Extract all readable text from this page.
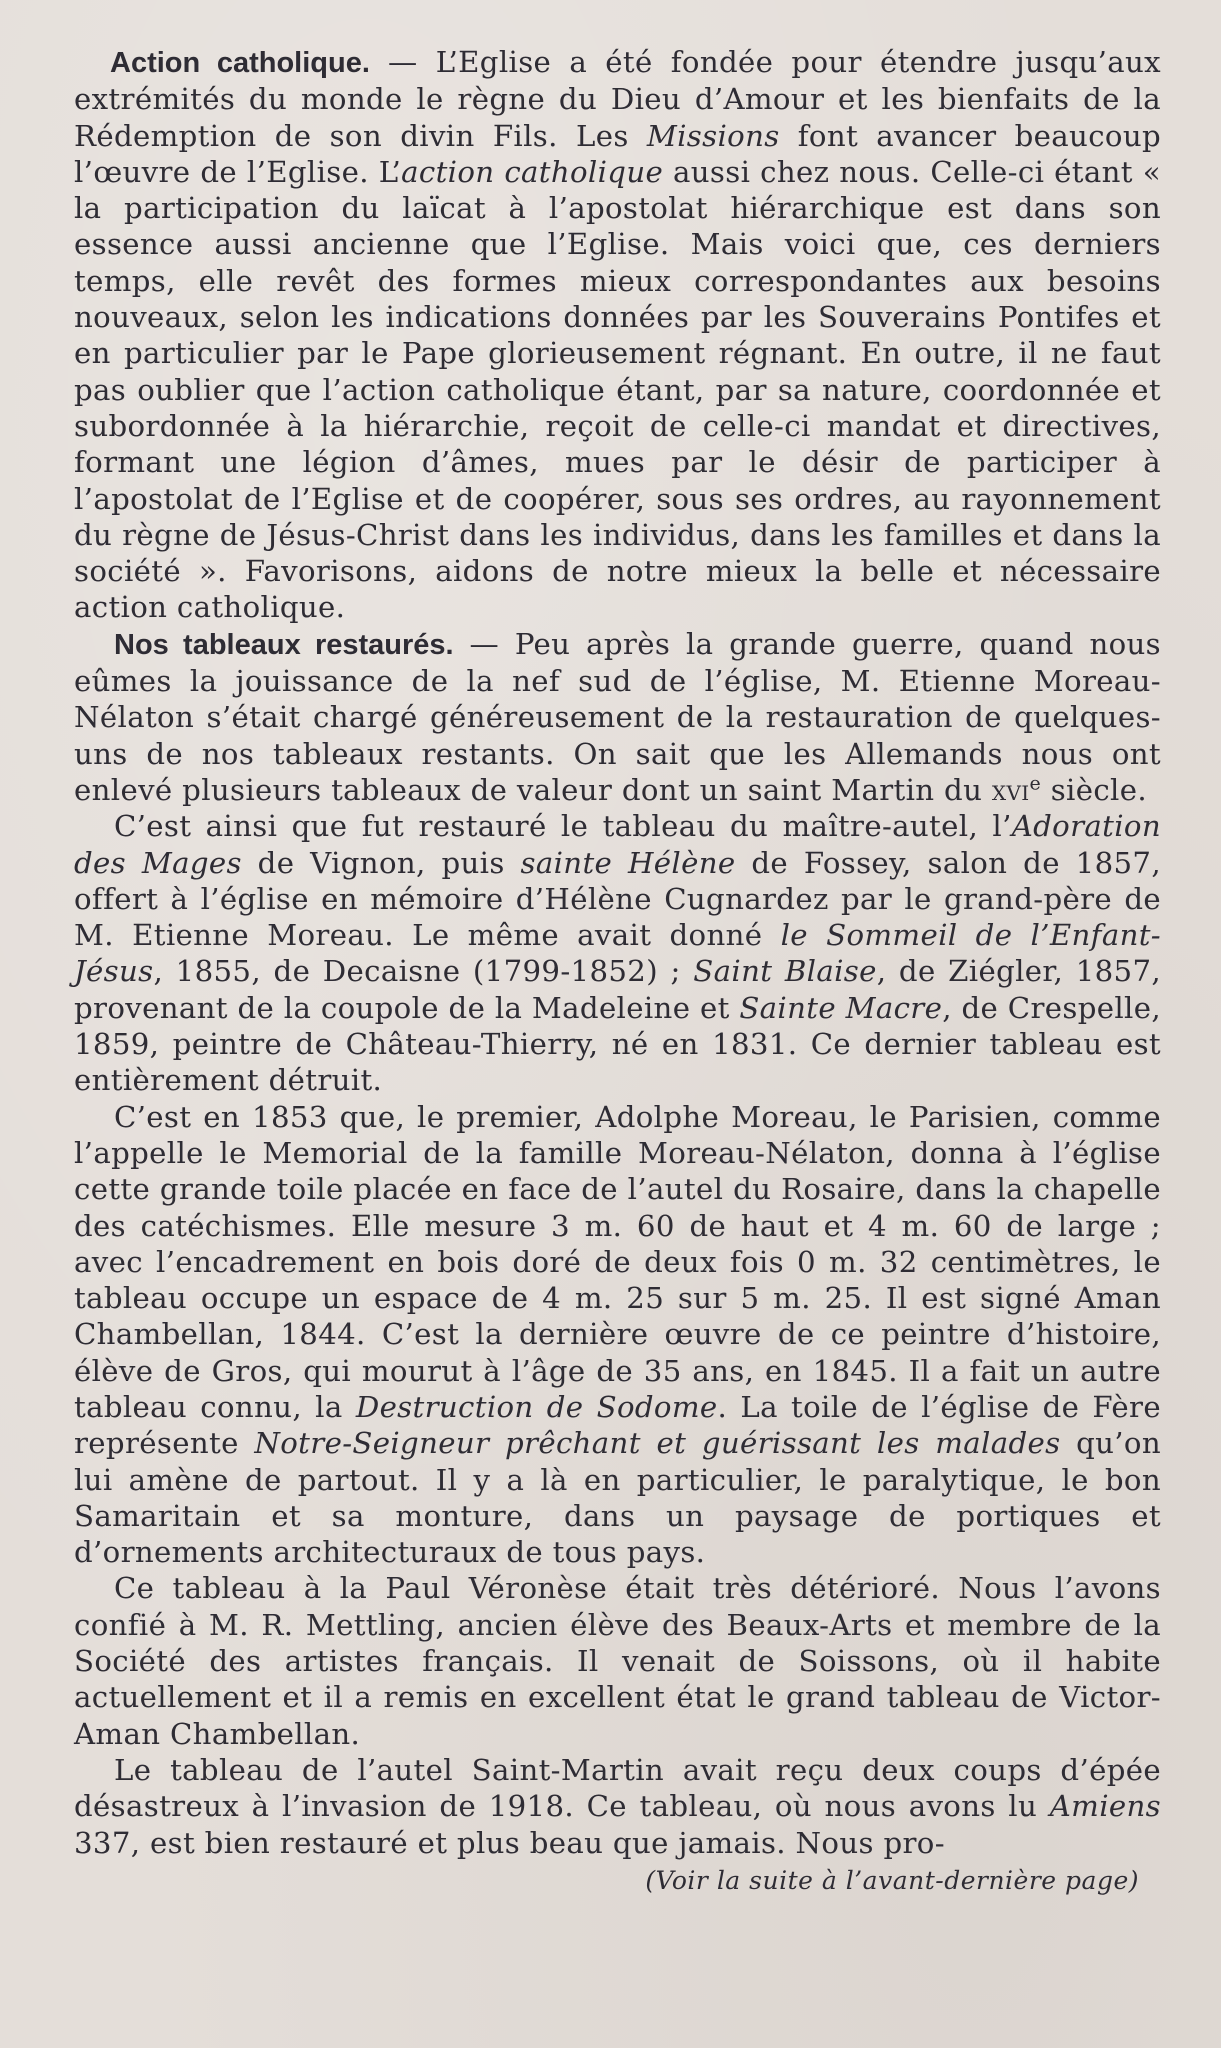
Action catholique. — L’Eglise a été fondée pour étendre jusqu’aux extrémités du monde le règne du Dieu d’Amour et les bienfaits de la Rédemption de son divin Fils. Les Missions font avancer beaucoup l’œuvre de l’Eglise. L’action catholique aussi chez nous. Celle-ci étant « la participation du laïcat à l’apostolat hiérarchique est dans son essence aussi ancienne que l’Eglise. Mais voici que, ces derniers temps, elle revêt des formes mieux correspondantes aux besoins nouveaux, selon les indications données par les Souverains Pontifes et en particulier par le Pape glorieusement régnant. En outre, il ne faut pas oublier que l’action catholique étant, par sa nature, coordonnée et subordonnée à la hiérarchie, reçoit de celle-ci mandat et directives, formant une légion d’âmes, mues par le désir de participer à l’apostolat de l’Eglise et de coopérer, sous ses ordres, au rayonnement du règne de Jésus-Christ dans les individus, dans les familles et dans la société ». Favorisons, aidons de notre mieux la belle et nécessaire action catholique.

Nos tableaux restaurés. — Peu après la grande guerre, quand nous eûmes la jouissance de la nef sud de l’église, M. Etienne Moreau-Nélaton s’était chargé généreusement de la restauration de quelques-uns de nos tableaux restants. On sait que les Allemands nous ont enlevé plusieurs tableaux de valeur dont un saint Martin du xvi$^e$ siècle.

C’est ainsi que fut restauré le tableau du maître-autel, l’Adoration des Mages de Vignon, puis sainte Hélène de Fossey, salon de 1857, offert à l’église en mémoire d’Hélène Cugnardez par le grand-père de M. Etienne Moreau. Le même avait donné le Sommeil de l’Enfant-Jésus, 1855, de Decaisne (1799-1852) ; Saint Blaise, de Ziégler, 1857, provenant de la coupole de la Madeleine et Sainte Macre, de Crespelle, 1859, peintre de Château-Thierry, né en 1831. Ce dernier tableau est entièrement détruit.

C’est en 1853 que, le premier, Adolphe Moreau, le Parisien, comme l’appelle le Memorial de la famille Moreau-Nélaton, donna à l’église cette grande toile placée en face de l’autel du Rosaire, dans la chapelle des catéchismes. Elle mesure 3 m. 60 de haut et 4 m. 60 de large ; avec l’encadrement en bois doré de deux fois 0 m. 32 centimètres, le tableau occupe un espace de 4 m. 25 sur 5 m. 25. Il est signé Aman Chambellan, 1844. C’est la dernière œuvre de ce peintre d’histoire, élève de Gros, qui mourut à l’âge de 35 ans, en 1845. Il a fait un autre tableau connu, la Destruction de Sodome. La toile de l’église de Fère représente Notre-Seigneur prêchant et guérissant les malades qu’on lui amène de partout. Il y a là en particulier, le paralytique, le bon Samaritain et sa monture, dans un paysage de portiques et d’ornements architecturaux de tous pays.

Ce tableau à la Paul Véronèse était très détérioré. Nous l’avons confié à M. R. Mettling, ancien élève des Beaux-Arts et membre de la Société des artistes français. Il venait de Soissons, où il habite actuellement et il a remis en excellent état le grand tableau de Victor-Aman Chambellan.

Le tableau de l’autel Saint-Martin avait reçu deux coups d’épée désastreux à l’invasion de 1918. Ce tableau, où nous avons lu Amiens 337, est bien restauré et plus beau que jamais. Nous pro-

(Voir la suite à l’avant-dernière page)
